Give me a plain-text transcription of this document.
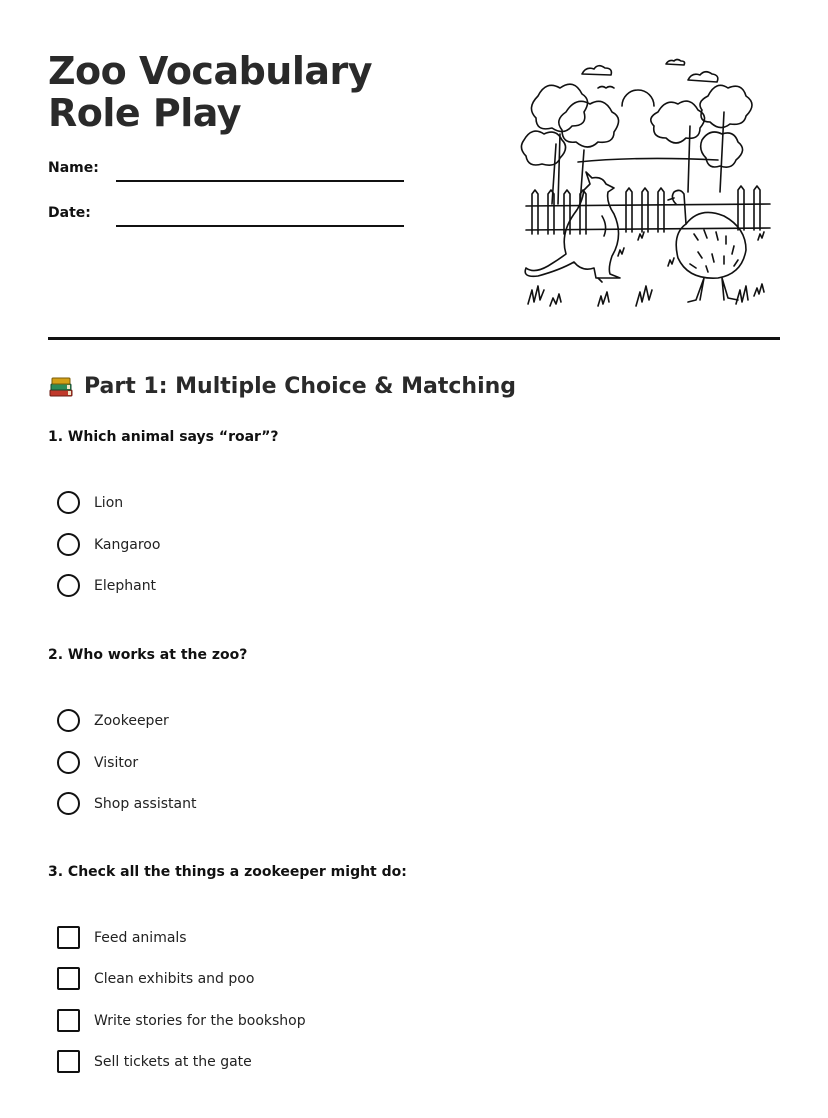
Zoo Vocabulary Role Play
Name:
Date:
Part 1: Multiple Choice & Matching
1. Which animal says “roar”?
Lion
Kangaroo
Elephant
2. Who works at the zoo?
Zookeeper
Visitor
Shop assistant
3. Check all the things a zookeeper might do:
Feed animals
Clean exhibits and poo
Write stories for the bookshop
Sell tickets at the gate
